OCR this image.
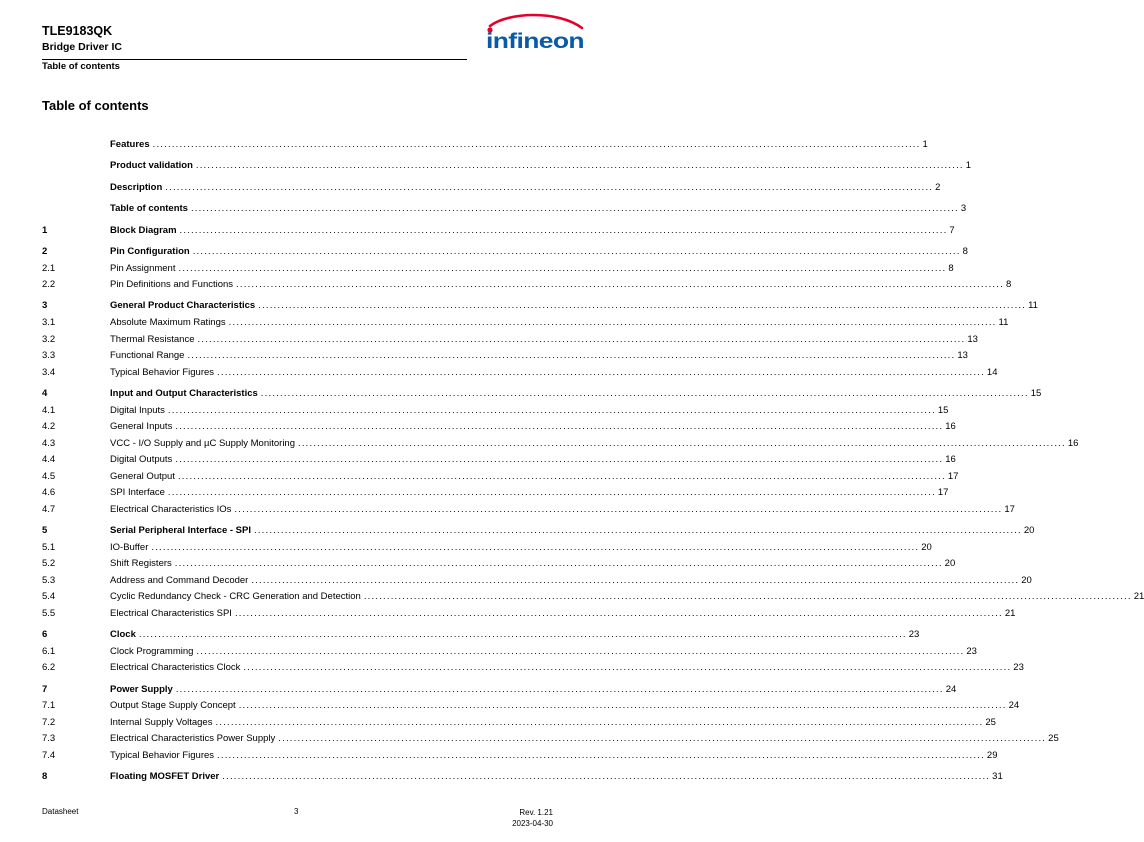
TLE9183QK
Bridge Driver IC
Table of contents
infineon
Table of contents
Features ........................................................................................................................................................................................................ 1
Product validation ........................................................................................................................................................................................................ 1
Description ........................................................................................................................................................................................................ 2
Table of contents ........................................................................................................................................................................................................ 3
1	Block Diagram ........................................................................................................................................................................................................ 7
2	Pin Configuration ........................................................................................................................................................................................................ 8
2.1	Pin Assignment ........................................................................................................................................................................................................ 8
2.2	Pin Definitions and Functions ........................................................................................................................................................................................................ 8
3	General Product Characteristics ........................................................................................................................................................................................................ 11
3.1	Absolute Maximum Ratings ........................................................................................................................................................................................................ 11
3.2	Thermal Resistance ........................................................................................................................................................................................................ 13
3.3	Functional Range ........................................................................................................................................................................................................ 13
3.4	Typical Behavior Figures ........................................................................................................................................................................................................ 14
4	Input and Output Characteristics ........................................................................................................................................................................................................ 15
4.1	Digital Inputs ........................................................................................................................................................................................................ 15
4.2	General Inputs ........................................................................................................................................................................................................ 16
4.3	VCC - I/O Supply and µC Supply Monitoring ........................................................................................................................................................................................................ 16
4.4	Digital Outputs ........................................................................................................................................................................................................ 16
4.5	General Output ........................................................................................................................................................................................................ 17
4.6	SPI Interface ........................................................................................................................................................................................................ 17
4.7	Electrical Characteristics IOs ........................................................................................................................................................................................................ 17
5	Serial Peripheral Interface - SPI ........................................................................................................................................................................................................ 20
5.1	IO-Buffer ........................................................................................................................................................................................................ 20
5.2	Shift Registers ........................................................................................................................................................................................................ 20
5.3	Address and Command Decoder ........................................................................................................................................................................................................ 20
5.4	Cyclic Redundancy Check - CRC Generation and Detection ........................................................................................................................................................................................................ 21
5.5	Electrical Characteristics SPI ........................................................................................................................................................................................................ 21
6	Clock ........................................................................................................................................................................................................ 23
6.1	Clock Programming ........................................................................................................................................................................................................ 23
6.2	Electrical Characteristics Clock ........................................................................................................................................................................................................ 23
7	Power Supply ........................................................................................................................................................................................................ 24
7.1	Output Stage Supply Concept ........................................................................................................................................................................................................ 24
7.2	Internal Supply Voltages ........................................................................................................................................................................................................ 25
7.3	Electrical Characteristics Power Supply ........................................................................................................................................................................................................ 25
7.4	Typical Behavior Figures ........................................................................................................................................................................................................ 29
8	Floating MOSFET Driver ........................................................................................................................................................................................................ 31
Datasheet	3	Rev. 1.21
2023-04-30
